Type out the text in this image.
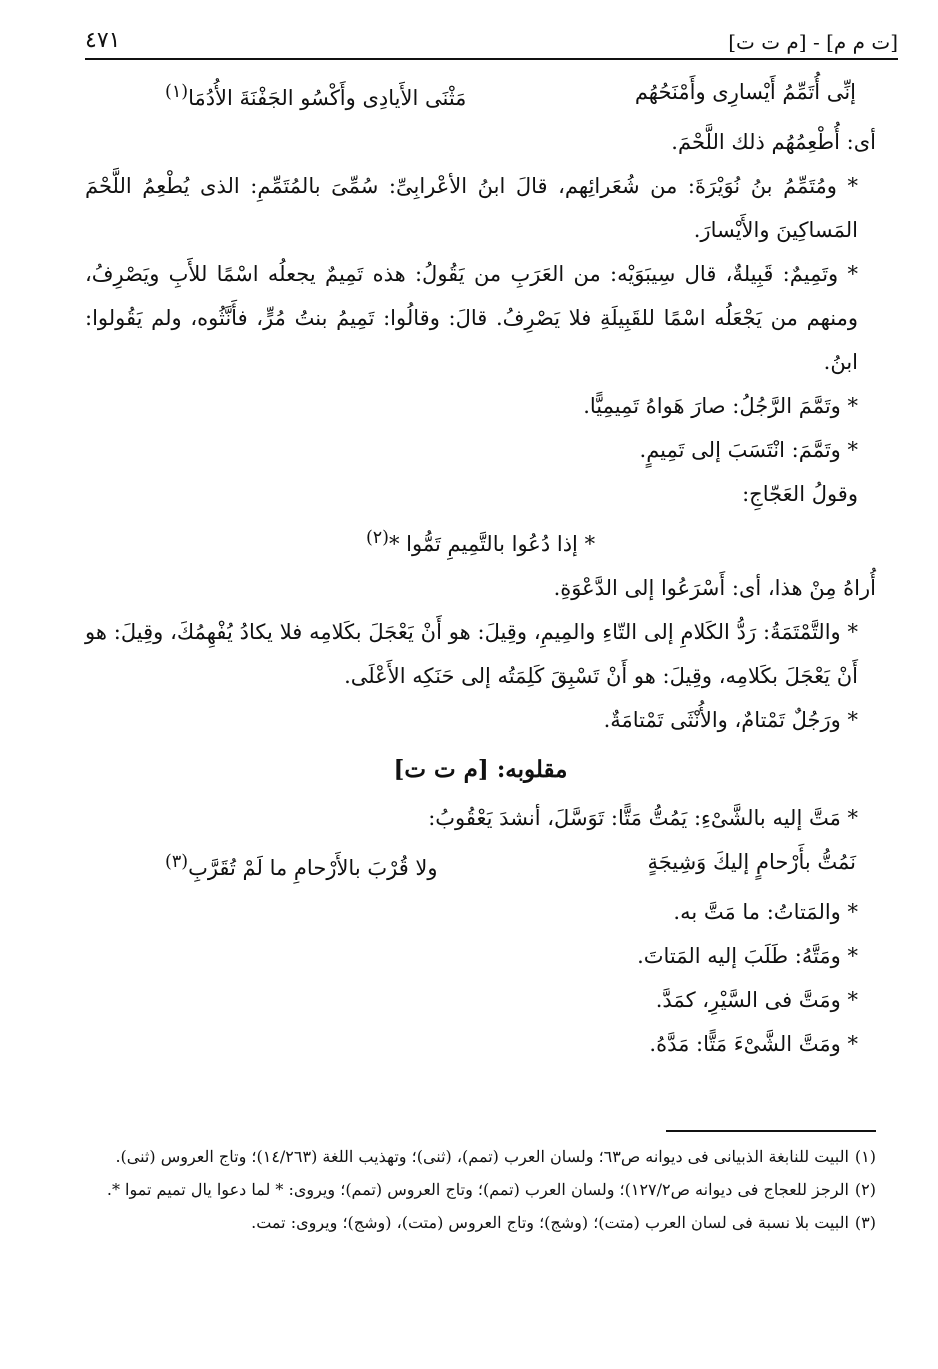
[ت م م] - [م ت ت]
٤٧١
إنِّى أُتَمِّمُ أَيْسارِى وأَمْنَحُهُم
مَثْنَى الأَيادِى وأَكْسُو الجَفْنَةَ الأُدُمَا$^{(١)}$

أى: أُطْعِمُهُم ذلك اللَّحْمَ.

* ومُتَمِّمُ بنُ نُوَيْرَةَ: من شُعَرائِهم، قالَ ابنُ الأعْرابِىِّ: سُمِّىَ بالمُتَمِّمِ: الذى يُطْعِمُ اللَّحْمَ المَساكِينَ والأَيْسارَ.

* وتَمِيمٌ: قَبِيلةٌ، قال سِيبَوَيْه: من العَرَبِ من يَقُولُ: هذه تَمِيمٌ يجعلُه اسْمًا للأَبِ ويَصْرِفُ، ومنهم من يَجْعَلُه اسْمًا للقَبِيلَةِ فلا يَصْرِفُ. قالَ: وقالُوا: تَمِيمُ بنتُ مُرٍّ، فأَنَّثُوه، ولم يَقُولوا: ابنُ.

* وتَمَّمَ الرَّجُلُ: صارَ هَواهُ تَمِيمِيًّا.

* وتَمَّمَ: انْتَسَبَ إلى تَمِيمٍ.

وقولُ العَجّاجِ:

* إذا دُعُوا بالتَّمِيمِ تَمُّوا *$^{(٢)}$

أُراهُ مِنْ هذا، أى: أَسْرَعُوا إلى الدَّعْوَةِ.

* والتَّمْتَمَةُ: رَدُّ الكَلامِ إلى التّاءِ والمِيمِ، وقِيلَ: هو أَنْ يَعْجَلَ بكَلامِه فلا يكادُ يُفْهِمُكَ، وقِيلَ: هو أَنْ يَعْجَلَ بكَلامِه، وقِيلَ: هو أَنْ تَسْبِقَ كَلِمَتُه إلى حَنَكِه الأَعْلَى.

* ورَجُلٌ تَمْتامٌ، والأُنْثَى تَمْتامَةٌ.

مقلوبه: [م ت ت]

* مَتَّ إليه بالشَّىْءِ: يَمُتُّ مَتًّا: تَوَسَّلَ، أنشدَ يَعْقُوبُ:

نَمُتُّ بأَرْحامٍ إليكَ وَشِيجَةٍ
ولا قُرْبَ بالأَرْحامِ ما لَمْ تُقَرَّبِ$^{(٣)}$

* والمَتاتُ: ما مَتَّ به.

* ومَتَّهُ: طَلَبَ إليه المَتاتَ.

* ومَتَّ فى السَّيْرِ، كمَدَّ.

* ومَتَّ الشَّىْءَ مَتًّا: مَدَّهُ.

(١)البيت للنابغة الذبيانى فى ديوانه ص٦٣؛ ولسان العرب (تمم)، (ثنى)؛ وتهذيب اللغة (١٤/٢٦٣)؛ وتاج العروس (ثنى).

(٢)الرجز للعجاج فى ديوانه ص١٢٧/٢)؛ ولسان العرب (تمم)؛ وتاج العروس (تمم)؛ ويروى: * لما دعوا يال تميم تموا *.

(٣)البيت بلا نسبة فى لسان العرب (متت)؛ (وشج)؛ وتاج العروس (متت)، (وشج)؛ ويروى: تمت.
